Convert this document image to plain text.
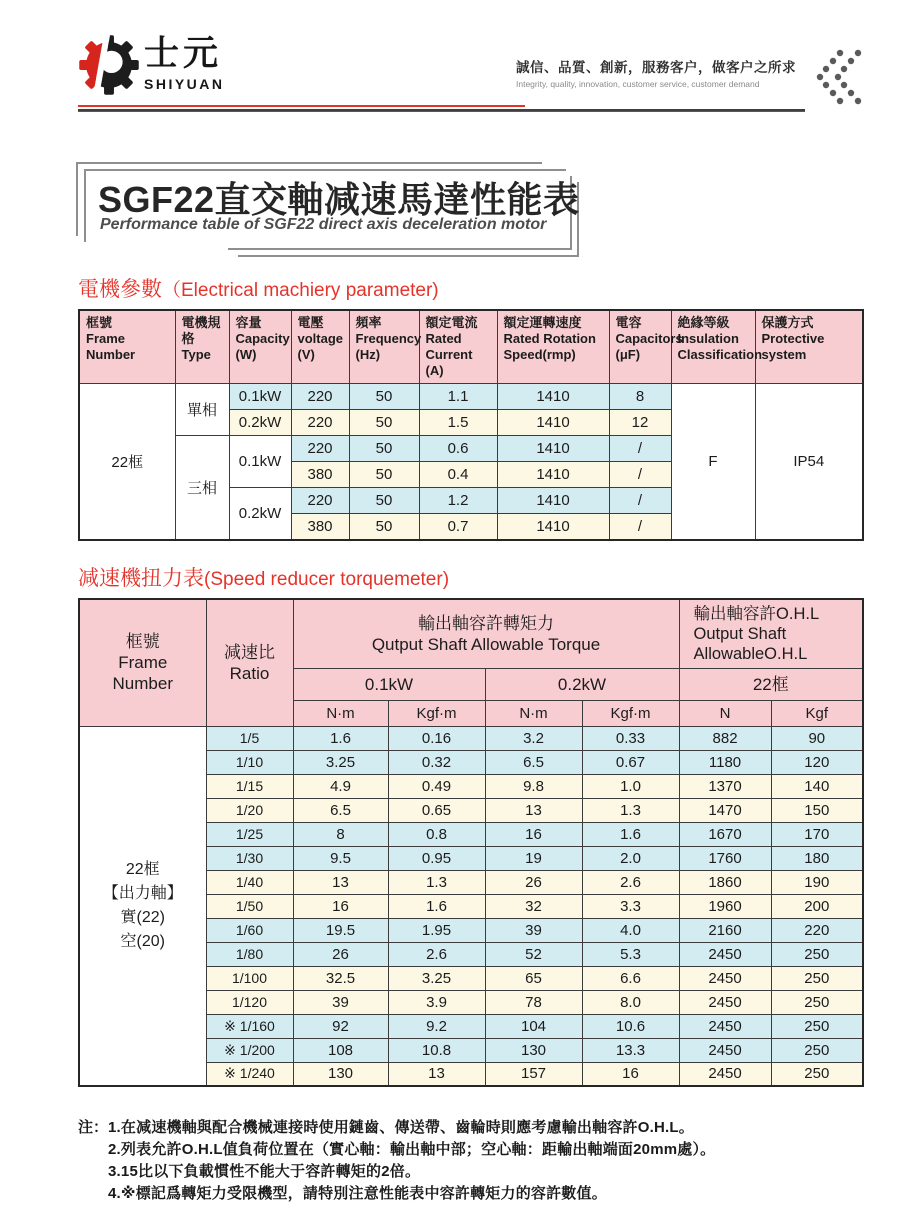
士元
SHIYUAN
誠信、品質、創新，服務客户，做客户之所求
Integrity, quality, innovation, customer service, customer demand
SGF22直交軸减速馬達性能表
Performance table of SGF22 direct axis deceleration motor
電機參數（Electrical machiery parameter)
框號
Frame
Number	電機規格
Type	容量
Capacity
(W)	電壓
voltage
(V)	頻率
Frequency
(Hz)	額定電流
Rated
Current
(A)	額定運轉速度
Rated Rotation
Speed(rmp)	電容
Capacitors
(μF)	絶緣等級
Insulation
Classification	保護方式
Protective
system
22框	單相	0.1kW	220	50	1.1	1410	8	F	IP54
		0.2kW	220	50	1.5	1410	12		
	三相	0.1kW	220	50	0.6	1410	/		
			380	50	0.4	1410	/		
		0.2kW	220	50	1.2	1410	/		
			380	50	0.7	1410	/		
减速機扭力表(Speed reducer torquemeter)
框號
Frame
Number	减速比
Ratio	輸出軸容許轉矩力
Qutput Shaft Allowable Torque				輸出軸容許O.H.L
Output Shaft
AllowableO.H.L	
		0.1kW		0.2kW		22框	
		N·m	Kgf·m	N·m	Kgf·m	N	Kgf
22框
【出力軸】
實(22)
空(20)	1/5	1.6	0.16	3.2	0.33	882	90
	1/10	3.25	0.32	6.5	0.67	1180	120
	1/15	4.9	0.49	9.8	1.0	1370	140
	1/20	6.5	0.65	13	1.3	1470	150
	1/25	8	0.8	16	1.6	1670	170
	1/30	9.5	0.95	19	2.0	1760	180
	1/40	13	1.3	26	2.6	1860	190
	1/50	16	1.6	32	3.3	1960	200
	1/60	19.5	1.95	39	4.0	2160	220
	1/80	26	2.6	52	5.3	2450	250
	1/100	32.5	3.25	65	6.6	2450	250
	1/120	39	3.9	78	8.0	2450	250
	※ 1/160	92	9.2	104	10.6	2450	250
	※ 1/200	108	10.8	130	13.3	2450	250
	※ 1/240	130	13	157	16	2450	250
注： 1.在减速機軸與配合機械連接時使用鏈齒、傳送帶、齒輪時則應考慮輸出軸容許O.H.L。
2.列表允許O.H.L值負荷位置在（實心軸：輸出軸中部；空心軸：距輸出軸端面20mm處）。
3.15比以下負載慣性不能大于容許轉矩的2倍。
4.※標記爲轉矩力受限機型，請特別注意性能表中容許轉矩力的容許數值。
